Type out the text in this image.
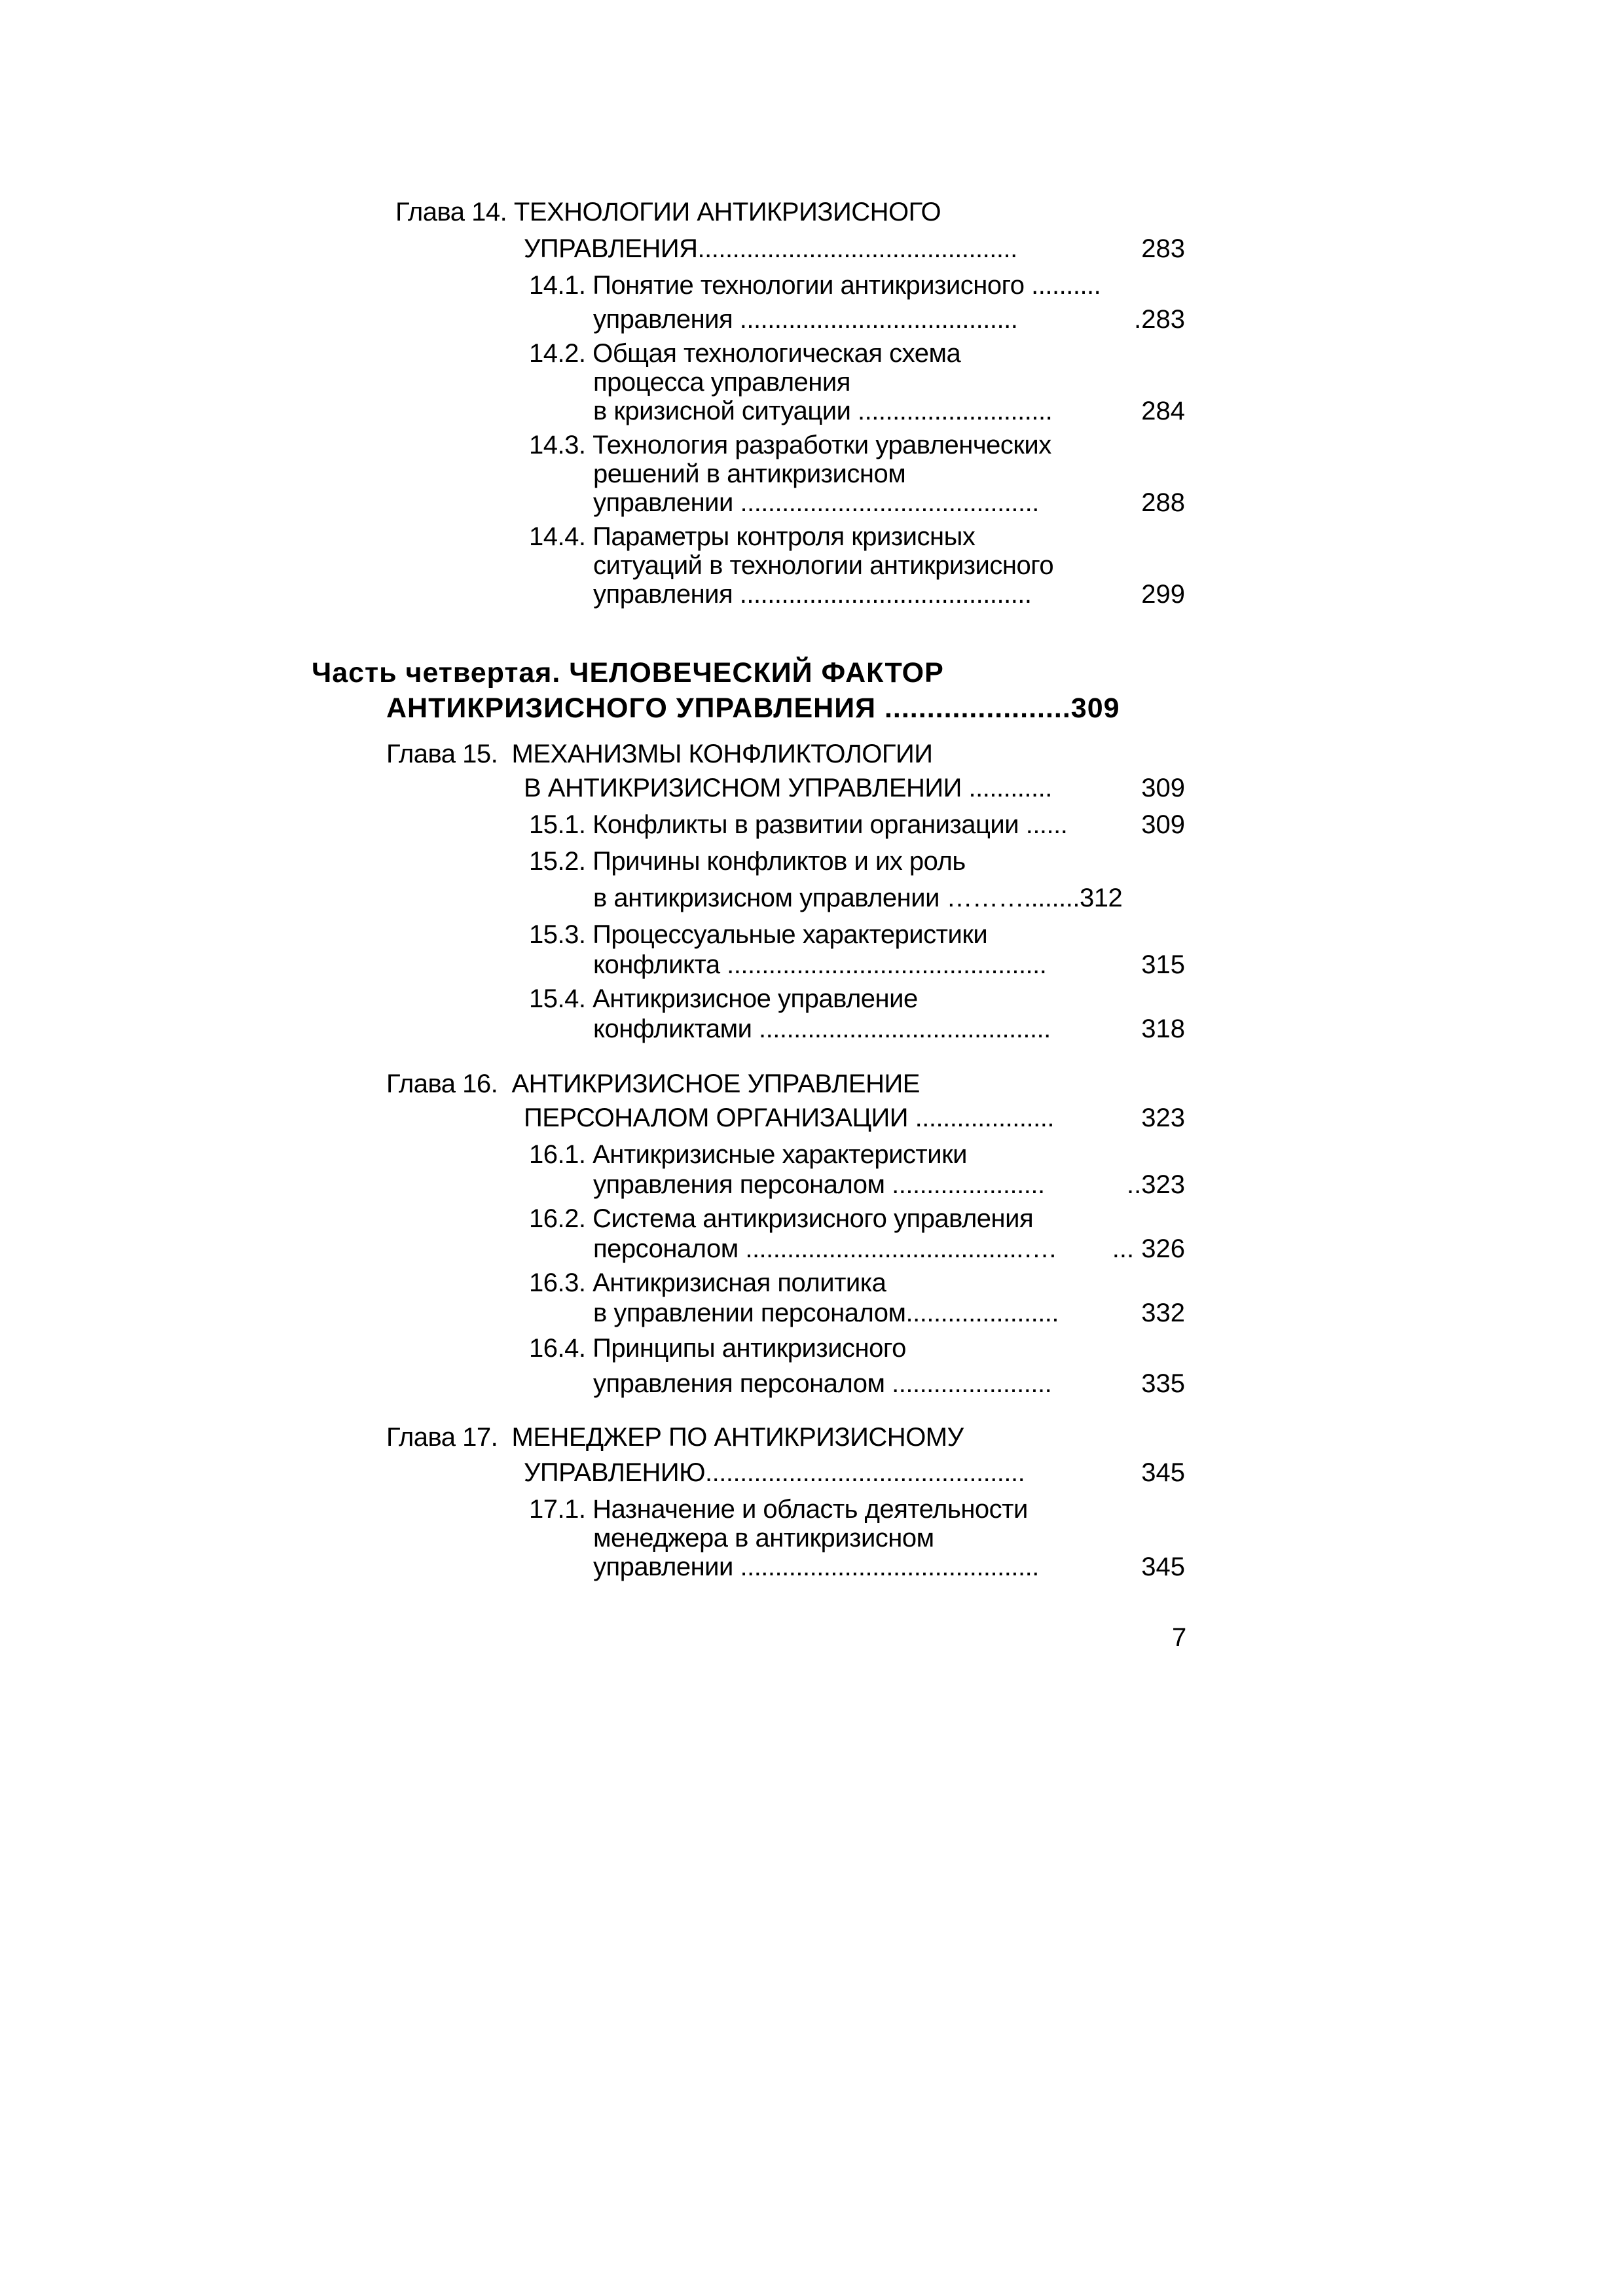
Глава 14. ТЕХНОЛОГИИ АНТИКРИЗИСНОГО
УПРАВЛЕНИЯ..............................................	283
14.1. Понятие технологии антикризисного ..........
управления ........................................	.283
14.2. Общая технологическая схема
процесса управления
в кризисной ситуации ............................	284
14.3. Технология разработки уравленческих
решений в антикризисном
управлении ...........................................	288
14.4. Параметры контроля кризисных
ситуаций в технологии антикризисного
управления ..........................................	299
Часть четвертая. ЧЕЛОВЕЧЕСКИЙ ФАКТОР
АНТИКРИЗИСНОГО УПРАВЛЕНИЯ ......................309
Глава 15.  МЕХАНИЗМЫ КОНФЛИКТОЛОГИИ
В АНТИКРИЗИСНОМ УПРАВЛЕНИИ ............	309
15.1. Конфликты в развитии организации ......	309
15.2. Причины конфликтов и их роль
в антикризисном управлении ………........312
15.3. Процессуальные характеристики
конфликта ..............................................	315
15.4. Антикризисное управление
конфликтами ..........................................	318
Глава 16.  АНТИКРИЗИСНОЕ УПРАВЛЕНИЕ
ПЕРСОНАЛОМ ОРГАНИЗАЦИИ ....................	323
16.1. Антикризисные характеристики
управления персоналом ......................	..323
16.2. Система антикризисного управления
персоналом ........................................….	... 326
16.3. Антикризисная политика
в управлении персоналом......................	332
16.4. Принципы антикризисного
управления персоналом .......................	335
Глава 17.  МЕНЕДЖЕР ПО АНТИКРИЗИСНОМУ
УПРАВЛЕНИЮ..............................................	345
17.1. Назначение и область деятельности
менеджера в антикризисном
управлении ...........................................	345
7
